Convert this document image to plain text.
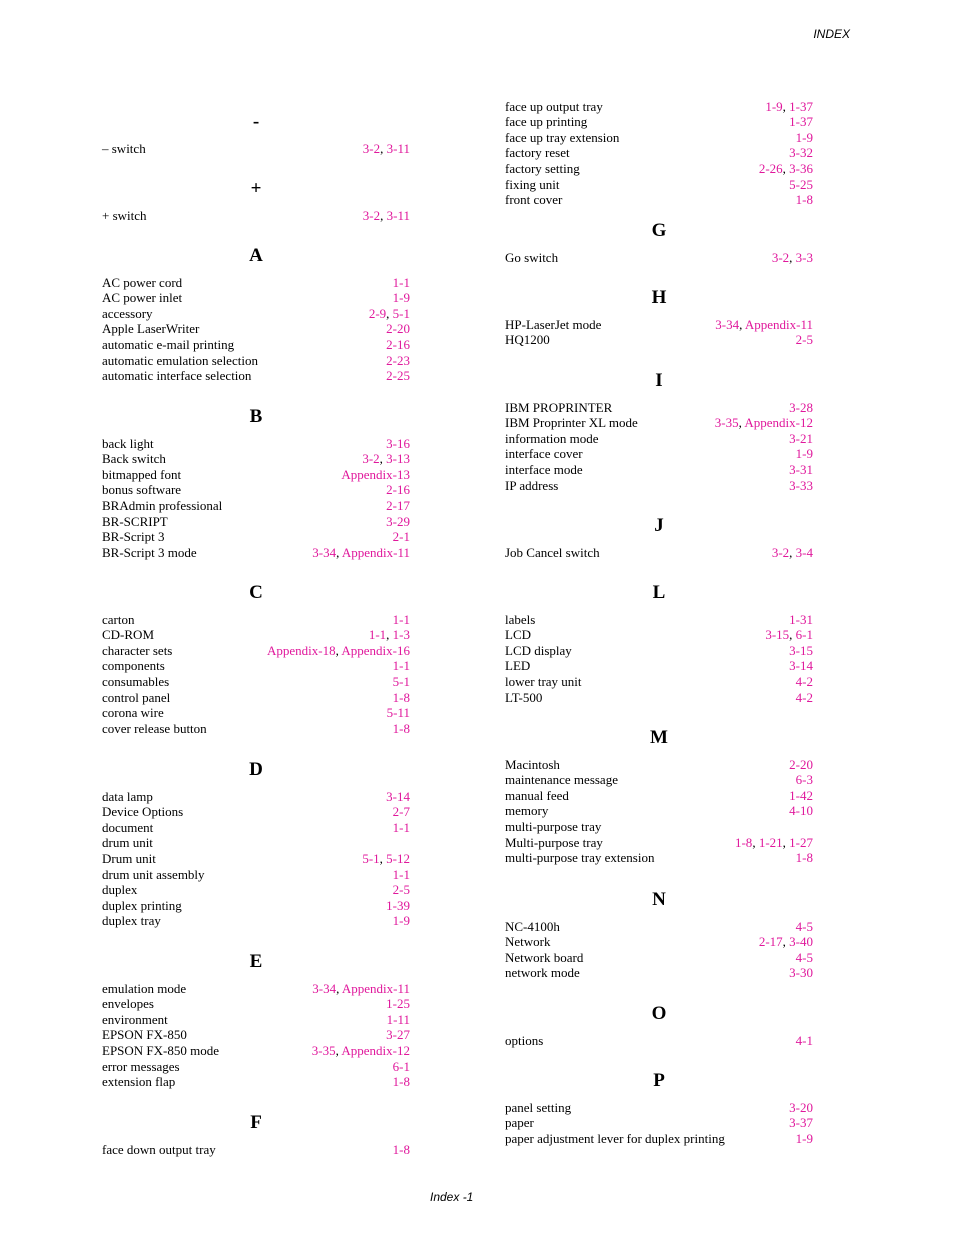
INDEX
-
– switch	3-2, 3-11
+
+ switch	3-2, 3-11
A
AC power cord	1-1
AC power inlet	1-9
accessory	2-9, 5-1
Apple LaserWriter	2-20
automatic e-mail printing	2-16
automatic emulation selection	2-23
automatic interface selection	2-25
B
back light	3-16
Back switch	3-2, 3-13
bitmapped font	Appendix-13
bonus software	2-16
BRAdmin professional	2-17
BR-SCRIPT	3-29
BR-Script 3	2-1
BR-Script 3 mode	3-34, Appendix-11
C
carton	1-1
CD-ROM	1-1, 1-3
character sets	Appendix-18, Appendix-16
components	1-1
consumables	5-1
control panel	1-8
corona wire	5-11
cover release button	1-8
D
data lamp	3-14
Device Options	2-7
document	1-1
drum unit
Drum unit	5-1, 5-12
drum unit assembly	1-1
duplex	2-5
duplex printing	1-39
duplex tray	1-9
E
emulation mode	3-34, Appendix-11
envelopes	1-25
environment	1-11
EPSON FX-850	3-27
EPSON FX-850 mode	3-35, Appendix-12
error messages	6-1
extension flap	1-8
F
face down output tray	1-8
face up output tray	1-9, 1-37
face up printing	1-37
face up tray extension	1-9
factory reset	3-32
factory setting	2-26, 3-36
fixing unit	5-25
front cover	1-8
G
Go switch	3-2, 3-3
H
HP-LaserJet mode	3-34, Appendix-11
HQ1200	2-5
I
IBM PROPRINTER	3-28
IBM Proprinter XL mode	3-35, Appendix-12
information mode	3-21
interface cover	1-9
interface mode	3-31
IP address	3-33
J
Job Cancel switch	3-2, 3-4
L
labels	1-31
LCD	3-15, 6-1
LCD display	3-15
LED	3-14
lower tray unit	4-2
LT-500	4-2
M
Macintosh	2-20
maintenance message	6-3
manual feed	1-42
memory	4-10
multi-purpose tray
Multi-purpose tray	1-8, 1-21, 1-27
multi-purpose tray extension	1-8
N
NC-4100h	4-5
Network	2-17, 3-40
Network board	4-5
network mode	3-30
O
options	4-1
P
panel setting	3-20
paper	3-37
paper adjustment lever for duplex printing	1-9
Index -1
